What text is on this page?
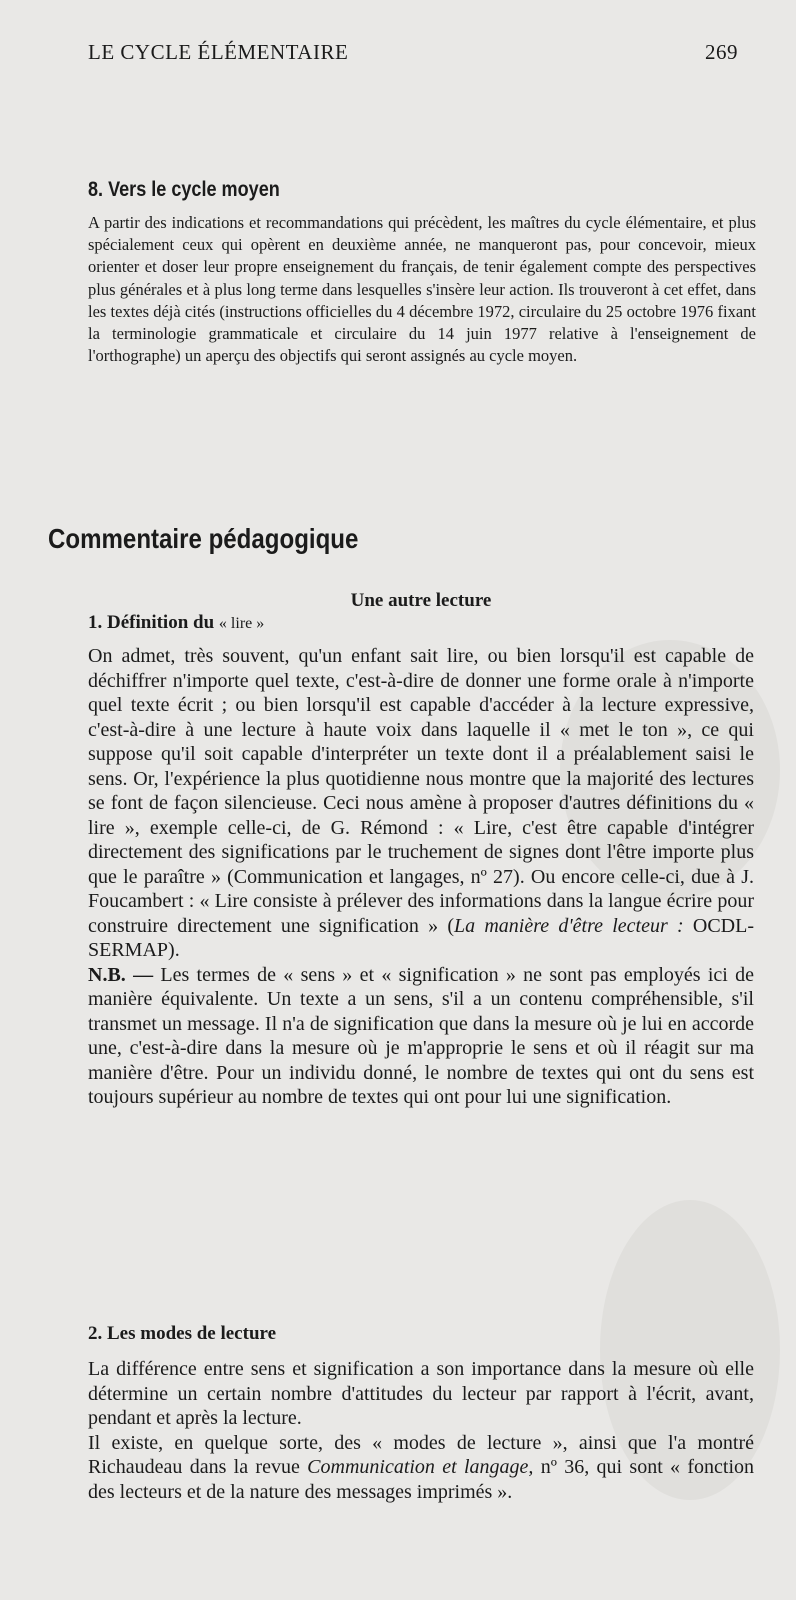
LE CYCLE ÉLÉMENTAIRE	269
8. Vers le cycle moyen

A partir des indications et recommandations qui précèdent, les maîtres du cycle élémentaire, et plus spécialement ceux qui opèrent en deuxième année, ne manqueront pas, pour concevoir, mieux orienter et doser leur propre enseignement du français, de tenir également compte des perspectives plus générales et à plus long terme dans lesquelles s'insère leur action. Ils trouveront à cet effet, dans les textes déjà cités (instructions officielles du 4 décembre 1972, circulaire du 25 octobre 1976 fixant la terminologie grammaticale et circulaire du 14 juin 1977 relative à l'enseignement de l'orthographe) un aperçu des objectifs qui seront assignés au cycle moyen.

Commentaire pédagogique

Une autre lecture

1. Définition du « lire »

On admet, très souvent, qu'un enfant sait lire, ou bien lorsqu'il est capable de déchiffrer n'importe quel texte, c'est-à-dire de donner une forme orale à n'importe quel texte écrit ; ou bien lorsqu'il est capable d'accéder à la lecture expressive, c'est-à-dire à une lecture à haute voix dans laquelle il « met le ton », ce qui suppose qu'il soit capable d'interpréter un texte dont il a préalablement saisi le sens. Or, l'expérience la plus quotidienne nous montre que la majorité des lectures se font de façon silencieuse. Ceci nous amène à proposer d'autres définitions du « lire », exemple celle-ci, de G. Rémond : « Lire, c'est être capable d'intégrer directement des significations par le truchement de signes dont l'être importe plus que le paraître » (Communication et langages, nº 27). Ou encore celle-ci, due à J. Foucambert : « Lire consiste à prélever des informations dans la langue écrire pour construire directement une signification » (La manière d'être lecteur : OCDL-SERMAP).
N.B. — Les termes de « sens » et « signification » ne sont pas employés ici de manière équivalente. Un texte a un sens, s'il a un contenu compréhensible, s'il transmet un message. Il n'a de signification que dans la mesure où je lui en accorde une, c'est-à-dire dans la mesure où je m'approprie le sens et où il réagit sur ma manière d'être. Pour un individu donné, le nombre de textes qui ont du sens est toujours supérieur au nombre de textes qui ont pour lui une signification.

2. Les modes de lecture

La différence entre sens et signification a son importance dans la mesure où elle détermine un certain nombre d'attitudes du lecteur par rapport à l'écrit, avant, pendant et après la lecture.

Il existe, en quelque sorte, des « modes de lecture », ainsi que l'a montré Richaudeau dans la revue Communication et langage, nº 36, qui sont « fonction des lecteurs et de la nature des messages imprimés ».
